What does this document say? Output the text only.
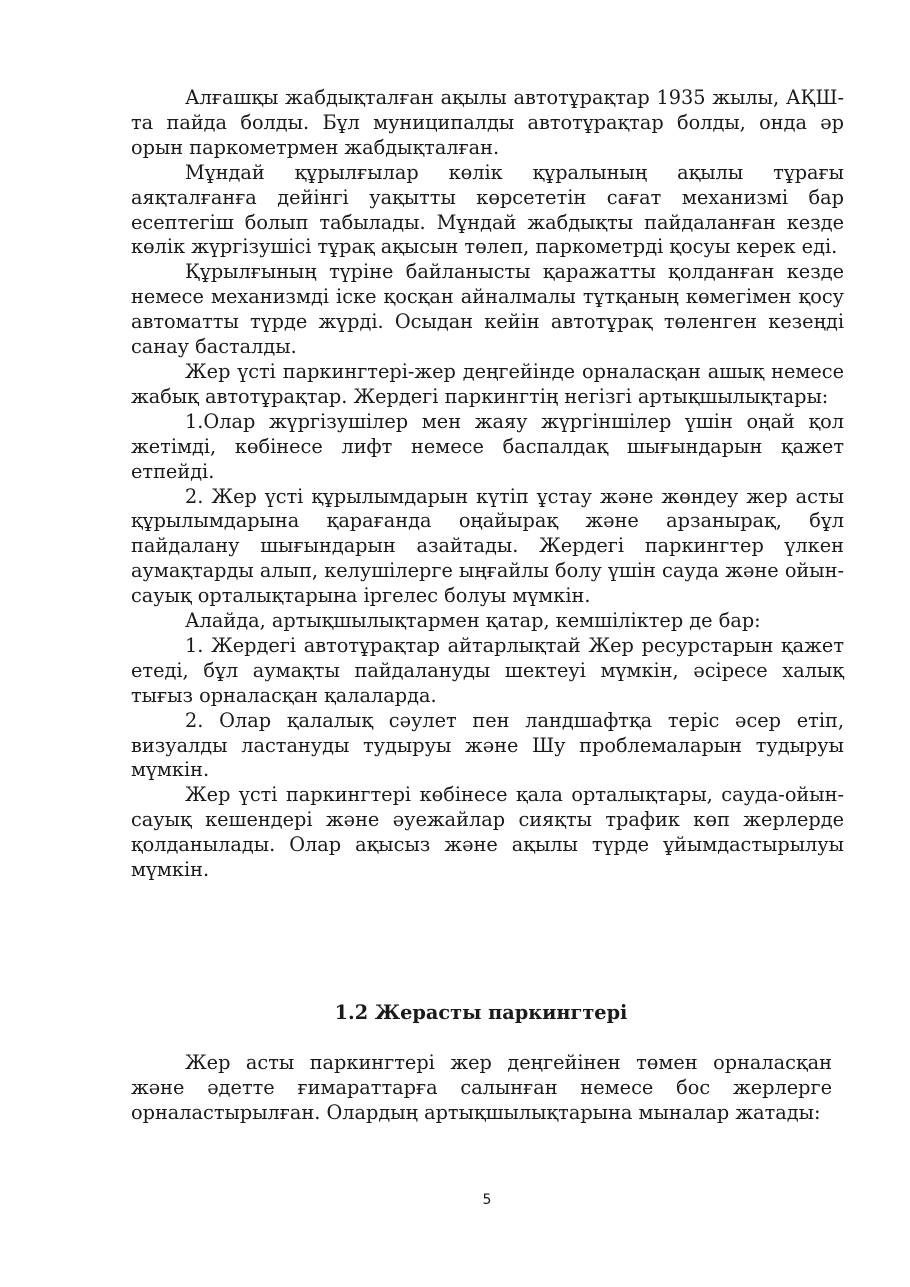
Алғашқы жабдықталған ақылы автотұрақтар 1935 жылы, АҚШ-та пайда болды. Бұл муниципалды автотұрақтар болды, онда әр орын паркометрмен жабдықталған.

Мұндай құрылғылар көлік құралының ақылы тұрағы аяқталғанға дейінгі уақытты көрсететін сағат механизмі бар есептегіш болып табылады. Мұндай жабдықты пайдаланған кезде көлік жүргізушісі тұрақ ақысын төлеп, паркометрді қосуы керек еді.

Құрылғының түріне байланысты қаражатты қолданған кезде немесе механизмді іске қосқан айналмалы тұтқаның көмегімен қосу автоматты түрде жүрді. Осыдан кейін автотұрақ төленген кезеңді санау басталды.

Жер үсті паркингтері-жер деңгейінде орналасқан ашық немесе жабық автотұрақтар. Жердегі паркингтің негізгі артықшылықтары:

1.Олар жүргізушілер мен жаяу жүргіншілер үшін оңай қол жетімді, көбінесе лифт немесе баспалдақ шығындарын қажет етпейді.

2. Жер үсті құрылымдарын күтіп ұстау және жөндеу жер асты құрылымдарына қарағанда оңайырақ және арзанырақ, бұл пайдалану шығындарын азайтады. Жердегі паркингтер үлкен аумақтарды алып, келушілерге ыңғайлы болу үшін сауда және ойын-сауық орталықтарына іргелес болуы мүмкін.

Алайда, артықшылықтармен қатар, кемшіліктер де бар:

1. Жердегі автотұрақтар айтарлықтай Жер ресурстарын қажет етеді, бұл аумақты пайдалануды шектеуі мүмкін, әсіресе халық тығыз орналасқан қалаларда.

2. Олар қалалық сәулет пен ландшафтқа теріс әсер етіп, визуалды ластануды тудыруы және Шу проблемаларын тудыруы мүмкін.

Жер үсті паркингтері көбінесе қала орталықтары, сауда-ойын-сауық кешендері және әуежайлар сияқты трафик көп жерлерде қолданылады. Олар ақысыз және ақылы түрде ұйымдастырылуы мүмкін.

1.2 Жерасты паркингтері

Жер асты паркингтері жер деңгейінен төмен орналасқан және әдетте ғимараттарға салынған немесе бос жерлерге орналастырылған. Олардың артықшылықтарына мыналар жатады:

5
